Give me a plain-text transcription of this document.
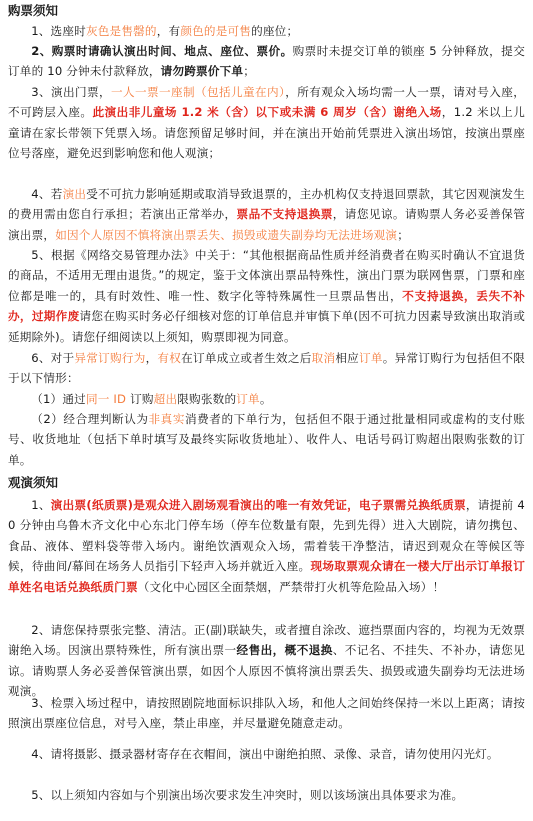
购票须知
1、选座时灰色是售罄的，有颜色的是可售的座位；
2、购票时请确认演出时间、地点、座位、票价。购票时未提交订单的锁座 5 分钟释放，提交订单的 10 分钟未付款释放，请勿跨票价下单；
3、演出门票，一人一票一座制（包括儿童在内），所有观众入场均需一人一票，请对号入座，不可跨层入座。此演出非儿童场 1.2 米（含）以下或未满 6 周岁（含）谢绝入场，1.2 米以上儿童请在家长带领下凭票入场。请您预留足够时间，并在演出开始前凭票进入演出场馆，按演出票座位号落座，避免迟到影响您和他人观演；
4、若演出受不可抗力影响延期或取消导致退票的，主办机构仅支持退回票款，其它因观演发生的费用需由您自行承担；若演出正常举办，票品不支持退换票，请您见谅。请购票人务必妥善保管演出票，如因个人原因不慎将演出票丢失、损毁或遗失副券均无法进场观演；
5、根据《网络交易管理办法》中关于：“其他根据商品性质并经消费者在购买时确认不宜退货的商品，不适用无理由退货。”的规定，鉴于文体演出票品特殊性，演出门票为联网售票，门票和座位都是唯一的，具有时效性、唯一性、数字化等特殊属性一旦票品售出，不支持退换，丢失不补办，过期作废请您在购买时务必仔细核对您的订单信息并审慎下单(因不可抗力因素导致演出取消或延期除外)。请您仔细阅读以上须知，购票即视为同意。
6、对于异常订购行为，有权在订单成立或者生效之后取消相应订单。异常订购行为包括但不限于以下情形：
（1）通过同一 ID 订购超出限购张数的订单。
（2）经合理判断认为非真实消费者的下单行为，包括但不限于通过批量相同或虚构的支付账号、收货地址（包括下单时填写及最终实际收货地址）、收件人、电话号码订购超出限购张数的订单。
观演须知
1、演出票(纸质票)是观众进入剧场观看演出的唯一有效凭证，电子票需兑换纸质票，请提前 40 分钟由乌鲁木齐文化中心东北门停车场（停车位数量有限，先到先得）进入大剧院，请勿携包、食品、液体、塑料袋等带入场内。谢绝饮酒观众入场，需着装干净整洁，请迟到观众在等候区等候，待曲间/幕间在场务人员指引下轻声入场并就近入座。现场取票观众请在一楼大厅出示订单报订单姓名电话兑换纸质门票（文化中心园区全面禁烟，严禁带打火机等危险品入场）！
2、请您保持票张完整、清洁。正(副)联缺失，或者擅自涂改、遮挡票面内容的，均视为无效票谢绝入场。因演出票特殊性，所有演出票一经售出，概不退换、不记名、不挂失、不补办，请您见谅。请购票人务必妥善保管演出票，如因个人原因不慎将演出票丢失、损毁或遗失副券均无法进场观演。
3、检票入场过程中，请按照剧院地面标识排队入场，和他人之间始终保持一米以上距离；请按照演出票座位信息，对号入座，禁止串座，并尽量避免随意走动。
4、请将摄影、摄录器材寄存在衣帽间，演出中谢绝拍照、录像、录音，请勿使用闪光灯。
5、以上须知内容如与个别演出场次要求发生冲突时，则以该场演出具体要求为准。
